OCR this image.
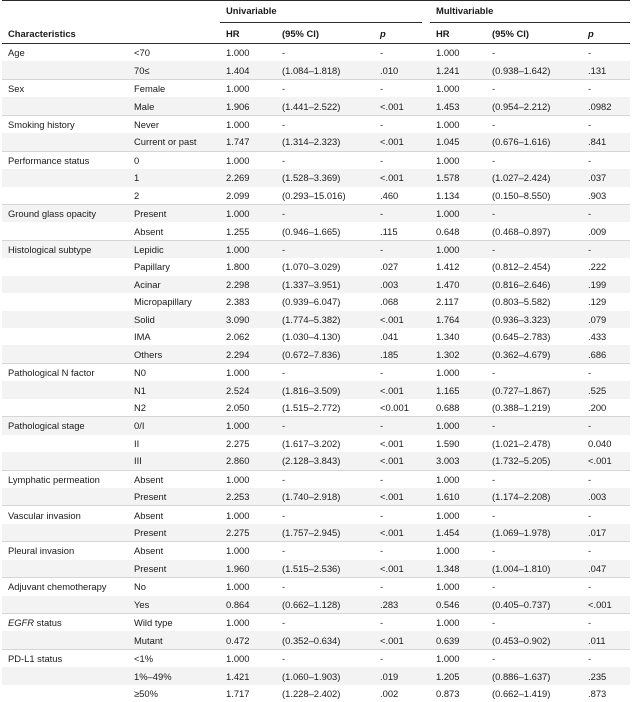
Characteristics		Univariable				Multivariable		

		HR	(95% CI)	p		HR	(95% CI)	p
Age	<70	1.000	-	-		1.000	-	-
	70≤	1.404	(1.084–1.818)	.010		1.241	(0.938–1.642)	.131
Sex	Female	1.000	-	-		1.000	-	-
	Male	1.906	(1.441–2.522)	<.001		1.453	(0.954–2.212)	.0982
Smoking history	Never	1.000	-	-		1.000	-	-
	Current or past	1.747	(1.314–2.323)	<.001		1.045	(0.676–1.616)	.841
Performance status	0	1.000	-	-		1.000	-	-
	1	2.269	(1.528–3.369)	<.001		1.578	(1.027–2.424)	.037
	2	2.099	(0.293–15.016)	.460		1.134	(0.150–8.550)	.903
Ground glass opacity	Present	1.000	-	-		1.000	-	-
	Absent	1.255	(0.946–1.665)	.115		0.648	(0.468–0.897)	.009
Histological subtype	Lepidic	1.000	-	-		1.000	-	-
	Papillary	1.800	(1.070–3.029)	.027		1.412	(0.812–2.454)	.222
	Acinar	2.298	(1.337–3.951)	.003		1.470	(0.816–2.646)	.199
	Micropapillary	2.383	(0.939–6.047)	.068		2.117	(0.803–5.582)	.129
	Solid	3.090	(1.774–5.382)	<.001		1.764	(0.936–3.323)	.079
	IMA	2.062	(1.030–4.130)	.041		1.340	(0.645–2.783)	.433
	Others	2.294	(0.672–7.836)	.185		1.302	(0.362–4.679)	.686
Pathological N factor	N0	1.000	-	-		1.000	-	-
	N1	2.524	(1.816–3.509)	<.001		1.165	(0.727–1.867)	.525
	N2	2.050	(1.515–2.772)	<0.001		0.688	(0.388–1.219)	.200
Pathological stage	0/I	1.000	-	-		1.000	-	-
	II	2.275	(1.617–3.202)	<.001		1.590	(1.021–2.478)	0.040
	III	2.860	(2.128–3.843)	<.001		3.003	(1.732–5.205)	<.001
Lymphatic permeation	Absent	1.000	-	-		1.000	-	-
	Present	2.253	(1.740–2.918)	<.001		1.610	(1.174–2.208)	.003
Vascular invasion	Absent	1.000	-	-		1.000	-	-
	Present	2.275	(1.757–2.945)	<.001		1.454	(1.069–1.978)	.017
Pleural invasion	Absent	1.000	-	-		1.000	-	-
	Present	1.960	(1.515–2.536)	<.001		1.348	(1.004–1.810)	.047
Adjuvant chemotherapy	No	1.000	-	-		1.000	-	-
	Yes	0.864	(0.662–1.128)	.283		0.546	(0.405–0.737)	<.001
EGFR status	Wild type	1.000	-	-		1.000	-	-
	Mutant	0.472	(0.352–0.634)	<.001		0.639	(0.453–0.902)	.011
PD-L1 status	<1%	1.000	-	-		1.000	-	-
	1%–49%	1.421	(1.060–1.903)	.019		1.205	(0.886–1.637)	.235
	≥50%	1.717	(1.228–2.402)	.002		0.873	(0.662–1.419)	.873
